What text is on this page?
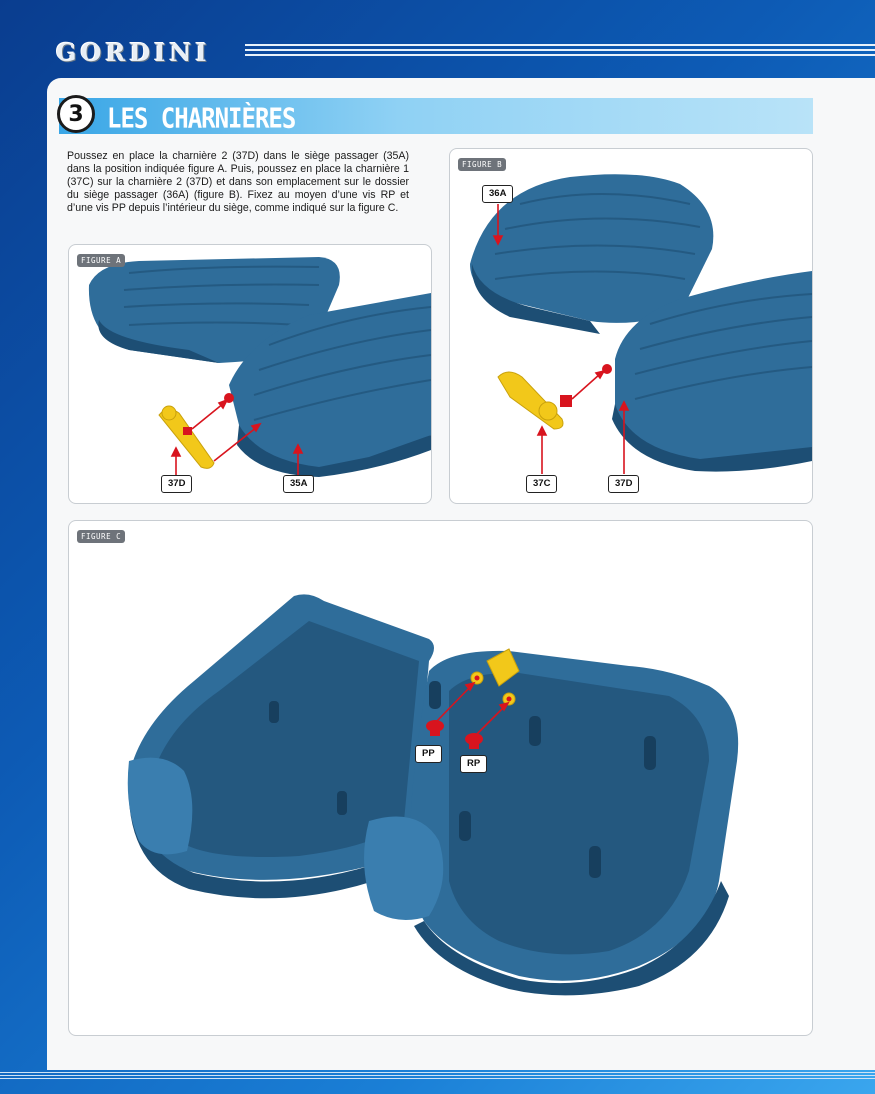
GORDINI
3 LES CHARNIÈRES
Poussez en place la charnière 2 (37D) dans le siège passager (35A) dans la position indiquée figure A. Puis, poussez en place la charnière 1 (37C) sur la charnière 2 (37D) et dans son emplacement sur le dossier du siège passager (36A) (figure B). Fixez au moyen d’une vis RP et d’une vis PP depuis l’intérieur du siège, comme indiqué sur la figure C.
FIGURE A
37D	35A
FIGURE B
36A
37C	37D
FIGURE C
PP
RP
